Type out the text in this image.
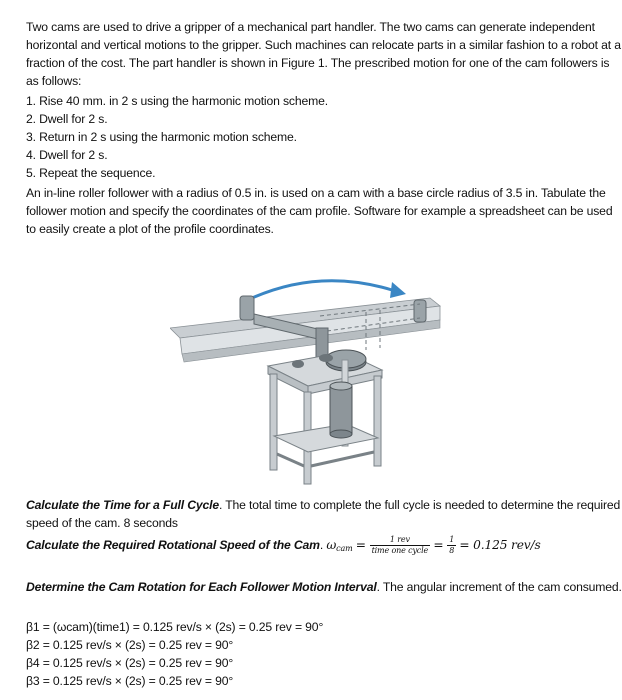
Two cams are used to drive a gripper of a mechanical part handler. The two cams can generate independent
horizontal and vertical motions to the gripper. Such machines can relocate parts in a similar fashion to a robot at a
fraction of the cost. The part handler is shown in Figure 1. The prescribed motion for one of the cam followers is
as follows:
1. Rise 40 mm. in 2 s using the harmonic motion scheme.
2. Dwell for 2 s.
3. Return in 2 s using the harmonic motion scheme.
4. Dwell for 2 s.
5. Repeat the sequence.
An in-line roller follower with a radius of 0.5 in. is used on a cam with a base circle radius of 3.5 in. Tabulate the
follower motion and specify the coordinates of the cam profile. Software for example a spreadsheet can be used
to easily create a plot of the profile coordinates.
Calculate the Time for a Full Cycle. The total time to complete the full cycle is needed to determine the required
speed of the cam. 8 seconds
Calculate the Required Rotational Speed of the Cam. $\omega_{cam} = \frac{\text{1 rev}}{\text{time one cycle}} = \frac{1}{8} = 0.125$ rev/s
Determine the Cam Rotation for Each Follower Motion Interval. The angular increment of the cam consumed.
β1 = (ωcam)(time1) = 0.125 rev/s × (2s) = 0.25 rev = 90°
β2 = 0.125 rev/s × (2s) = 0.25 rev = 90°
β4 = 0.125 rev/s × (2s) = 0.25 rev = 90°
β3 = 0.125 rev/s × (2s) = 0.25 rev = 90°
